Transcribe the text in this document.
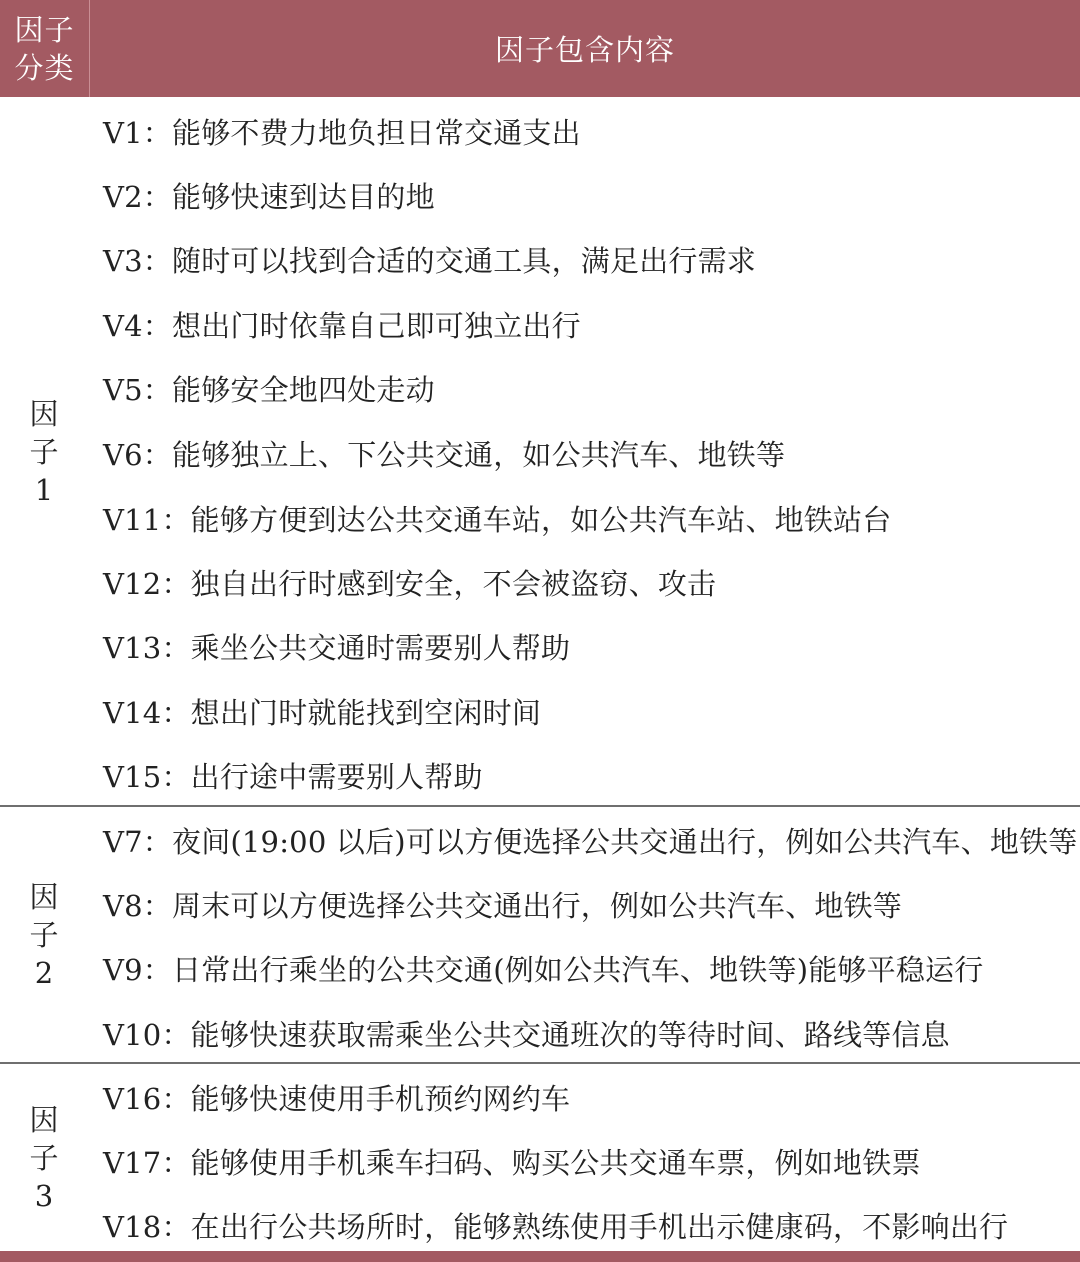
因子
分类
因子包含内容
因
子
1
V1：能够不费力地负担日常交通支出
V2：能够快速到达目的地
V3：随时可以找到合适的交通工具，满足出行需求
V4：想出门时依靠自己即可独立出行
V5：能够安全地四处走动
V6：能够独立上、下公共交通，如公共汽车、地铁等
V11：能够方便到达公共交通车站，如公共汽车站、地铁站台
V12：独自出行时感到安全，不会被盗窃、攻击
V13：乘坐公共交通时需要别人帮助
V14：想出门时就能找到空闲时间
V15：出行途中需要别人帮助
因
子
2
V7：夜间(19:00 以后)可以方便选择公共交通出行，例如公共汽车、地铁等
V8：周末可以方便选择公共交通出行，例如公共汽车、地铁等
V9：日常出行乘坐的公共交通(例如公共汽车、地铁等)能够平稳运行
V10：能够快速获取需乘坐公共交通班次的等待时间、路线等信息
因
子
3
V16：能够快速使用手机预约网约车
V17：能够使用手机乘车扫码、购买公共交通车票，例如地铁票
V18：在出行公共场所时，能够熟练使用手机出示健康码，不影响出行
